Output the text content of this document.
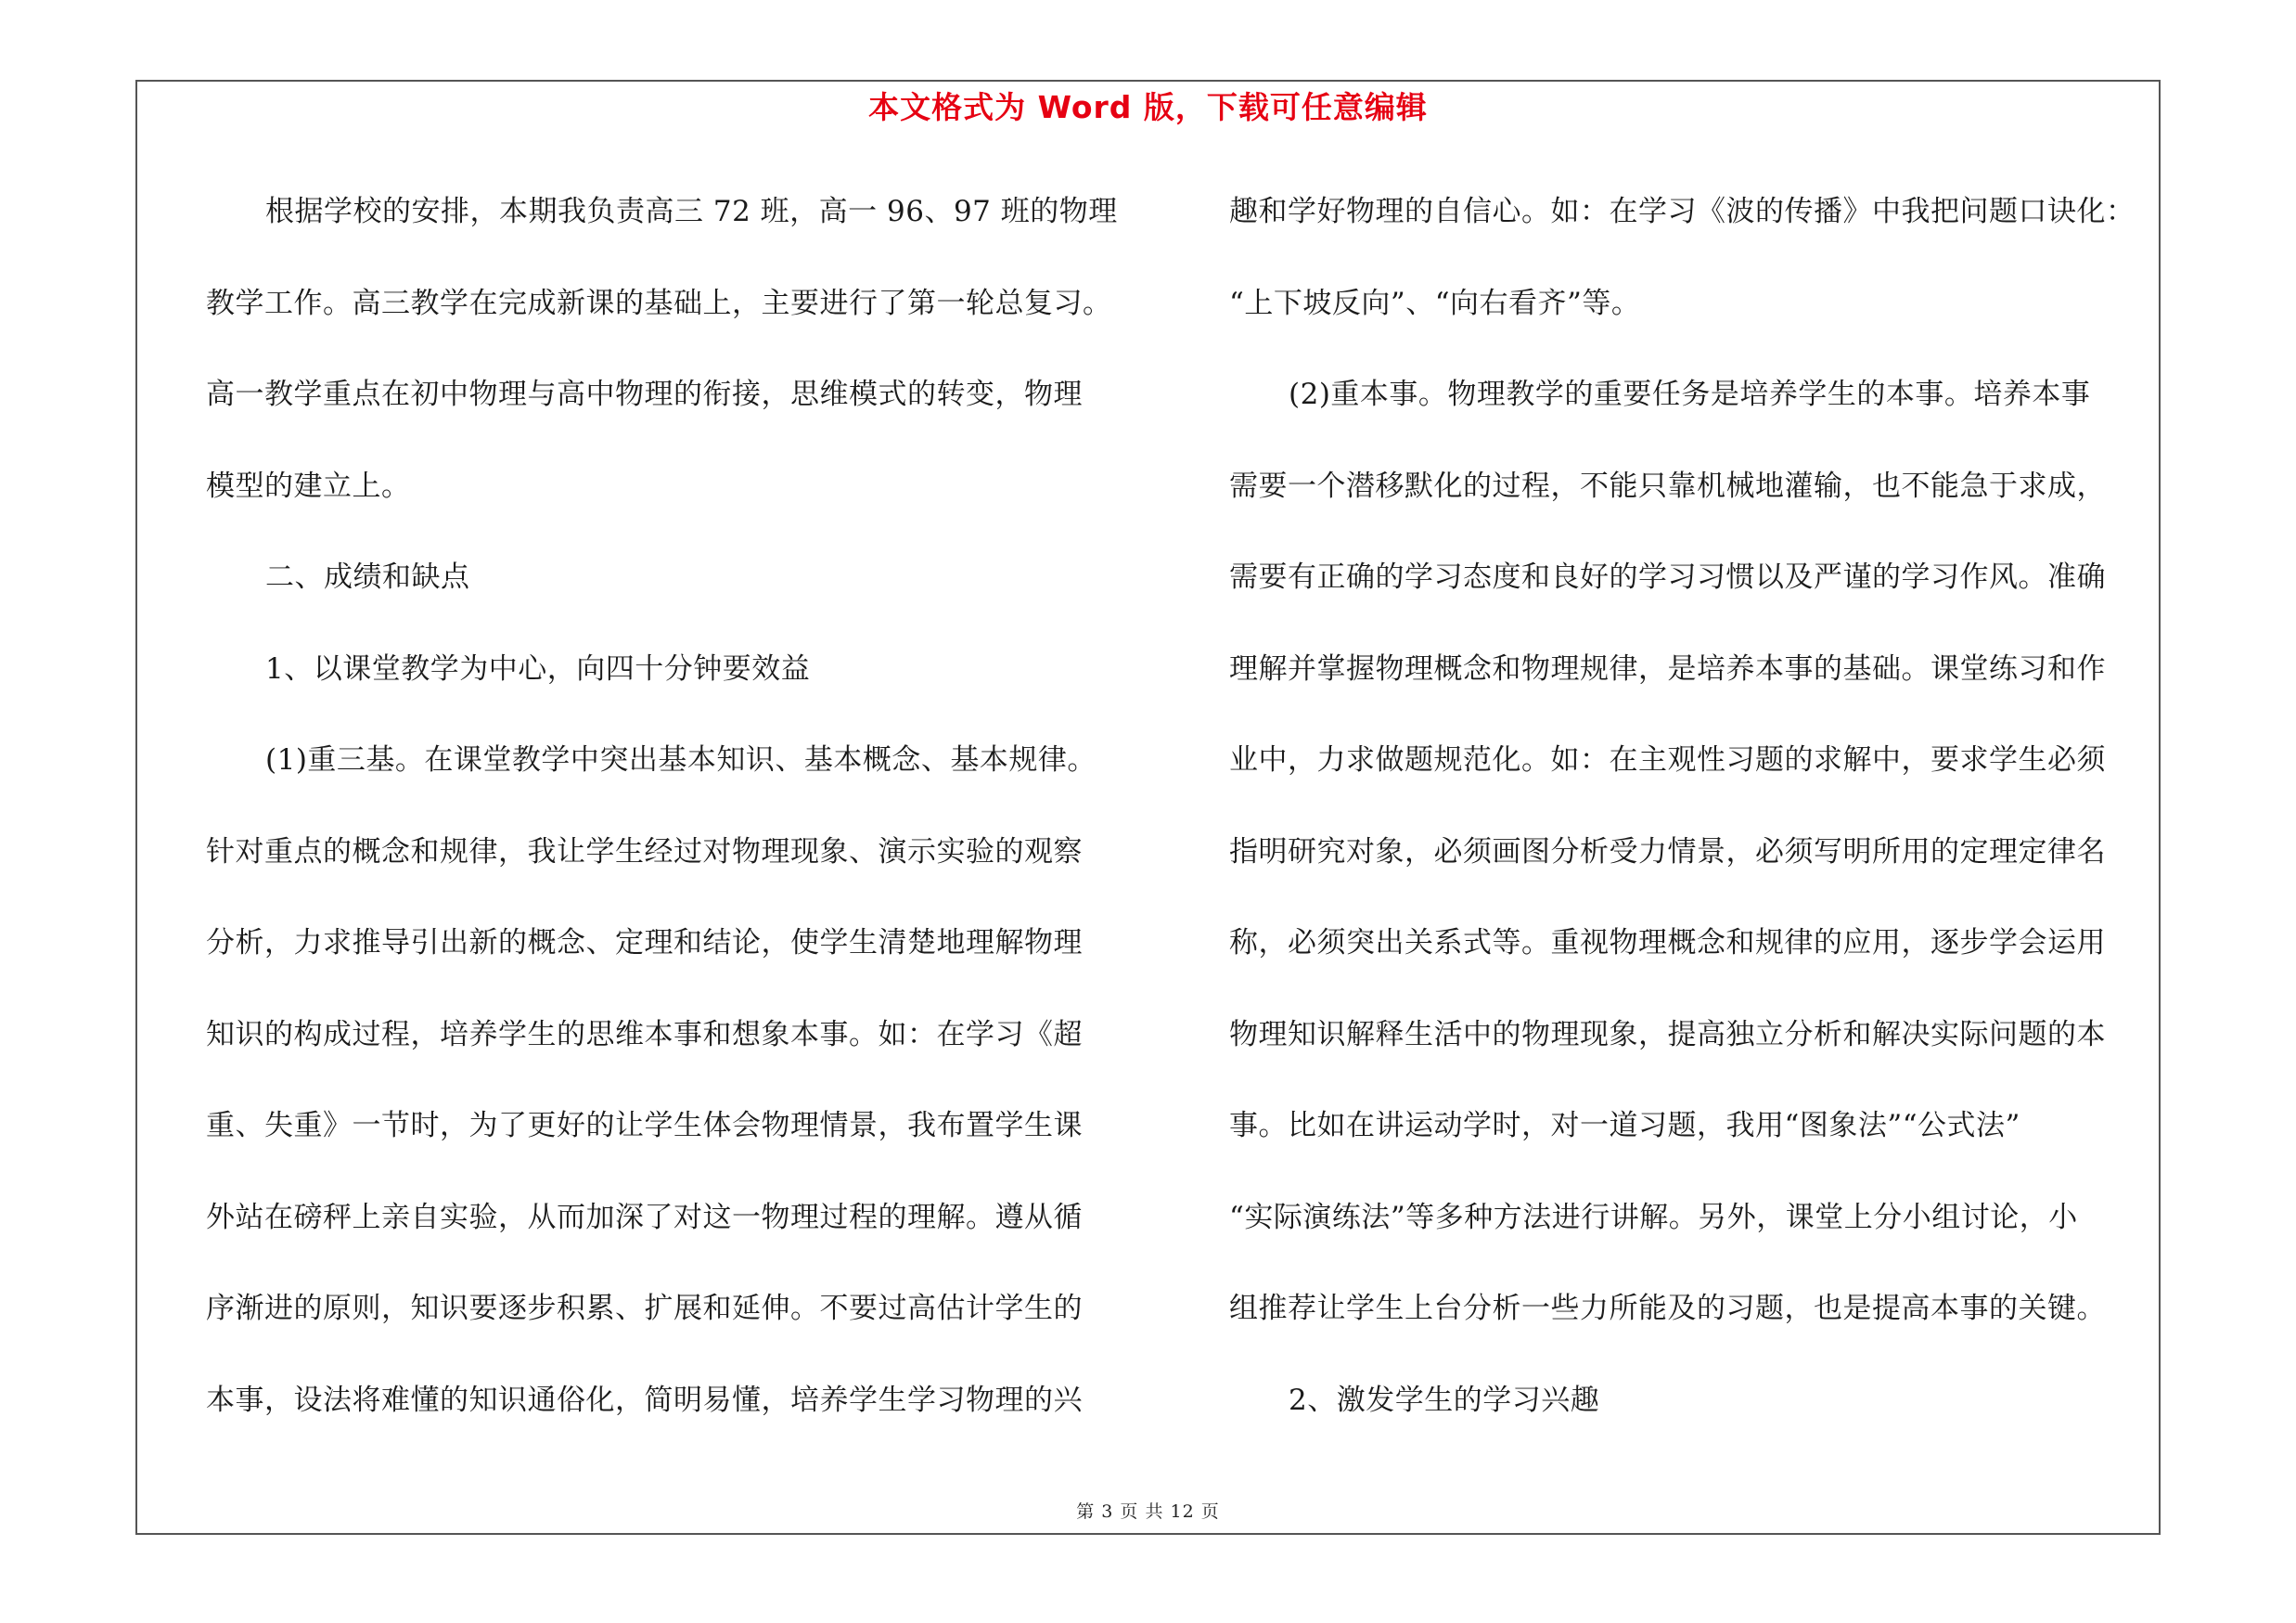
本文格式为 Word 版，下载可任意编辑
根据学校的安排，本期我负责高三 72 班，高一 96、97 班的物理
教学工作。高三教学在完成新课的基础上，主要进行了第一轮总复习。
高一教学重点在初中物理与高中物理的衔接，思维模式的转变，物理
模型的建立上。
二、成绩和缺点
1、以课堂教学为中心，向四十分钟要效益
(1)重三基。在课堂教学中突出基本知识、基本概念、基本规律。
针对重点的概念和规律，我让学生经过对物理现象、演示实验的观察
分析，力求推导引出新的概念、定理和结论，使学生清楚地理解物理
知识的构成过程，培养学生的思维本事和想象本事。如：在学习《超
重、失重》一节时，为了更好的让学生体会物理情景，我布置学生课
外站在磅秤上亲自实验，从而加深了对这一物理过程的理解。遵从循
序渐进的原则，知识要逐步积累、扩展和延伸。不要过高估计学生的
本事，设法将难懂的知识通俗化，简明易懂，培养学生学习物理的兴
趣和学好物理的自信心。如：在学习《波的传播》中我把问题口诀化：
“上下坡反向”、“向右看齐”等。
(2)重本事。物理教学的重要任务是培养学生的本事。培养本事
需要一个潜移默化的过程，不能只靠机械地灌输，也不能急于求成，
需要有正确的学习态度和良好的学习习惯以及严谨的学习作风。准确
理解并掌握物理概念和物理规律，是培养本事的基础。课堂练习和作
业中，力求做题规范化。如：在主观性习题的求解中，要求学生必须
指明研究对象，必须画图分析受力情景，必须写明所用的定理定律名
称，必须突出关系式等。重视物理概念和规律的应用，逐步学会运用
物理知识解释生活中的物理现象，提高独立分析和解决实际问题的本
事。比如在讲运动学时，对一道习题，我用“图象法”“公式法”
“实际演练法”等多种方法进行讲解。另外，课堂上分小组讨论，小
组推荐让学生上台分析一些力所能及的习题，也是提高本事的关键。
2、激发学生的学习兴趣
第 3 页 共 12 页
